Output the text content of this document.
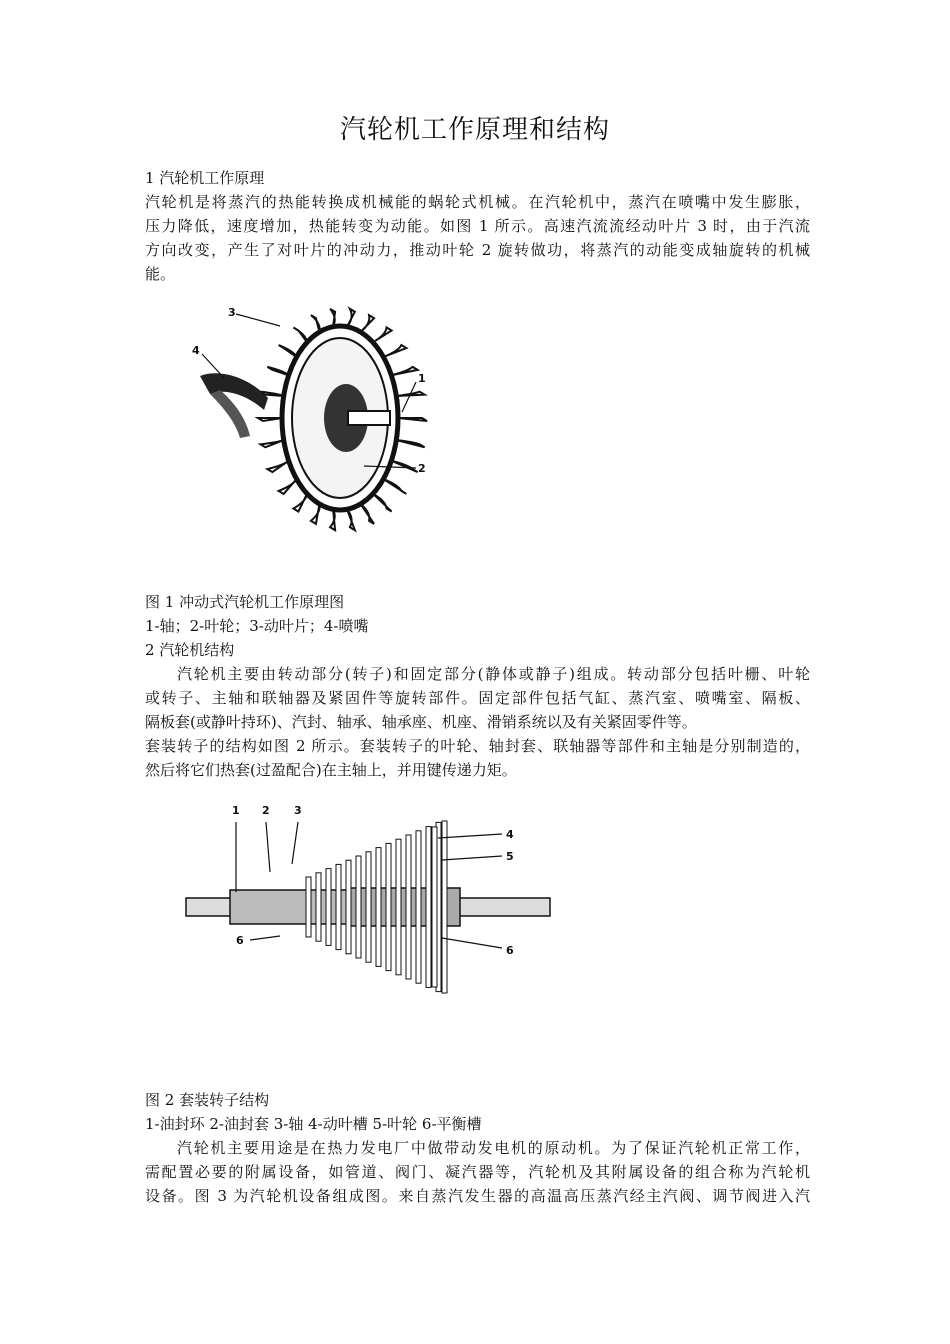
汽轮机工作原理和结构
1 汽轮机工作原理
汽轮机是将蒸汽的热能转换成机械能的蜗轮式机械。在汽轮机中，蒸汽在喷嘴中发生膨胀，
压力降低，速度增加，热能转变为动能。如图 1 所示。高速汽流流经动叶片 3 时，由于汽流
方向改变，产生了对叶片的冲动力，推动叶轮 2 旋转做功，将蒸汽的动能变成轴旋转的机械
能。
3
4
1
2
图 1 冲动式汽轮机工作原理图
1-轴；2-叶轮；3-动叶片；4-喷嘴
2 汽轮机结构
汽轮机主要由转动部分(转子)和固定部分(静体或静子)组成。转动部分包括叶栅、叶轮
或转子、主轴和联轴器及紧固件等旋转部件。固定部件包括气缸、蒸汽室、喷嘴室、隔板、
隔板套(或静叶持环)、汽封、轴承、轴承座、机座、滑销系统以及有关紧固零件等。
套装转子的结构如图 2 所示。套装转子的叶轮、轴封套、联轴器等部件和主轴是分别制造的，
然后将它们热套(过盈配合)在主轴上，并用键传递力矩。
1 2 3
4
5
6
6
图 2 套装转子结构
1-油封环 2-油封套 3-轴 4-动叶槽 5-叶轮 6-平衡槽
汽轮机主要用途是在热力发电厂中做带动发电机的原动机。为了保证汽轮机正常工作，
需配置必要的附属设备，如管道、阀门、凝汽器等，汽轮机及其附属设备的组合称为汽轮机
设备。图 3 为汽轮机设备组成图。来自蒸汽发生器的高温高压蒸汽经主汽阀、调节阀进入汽
